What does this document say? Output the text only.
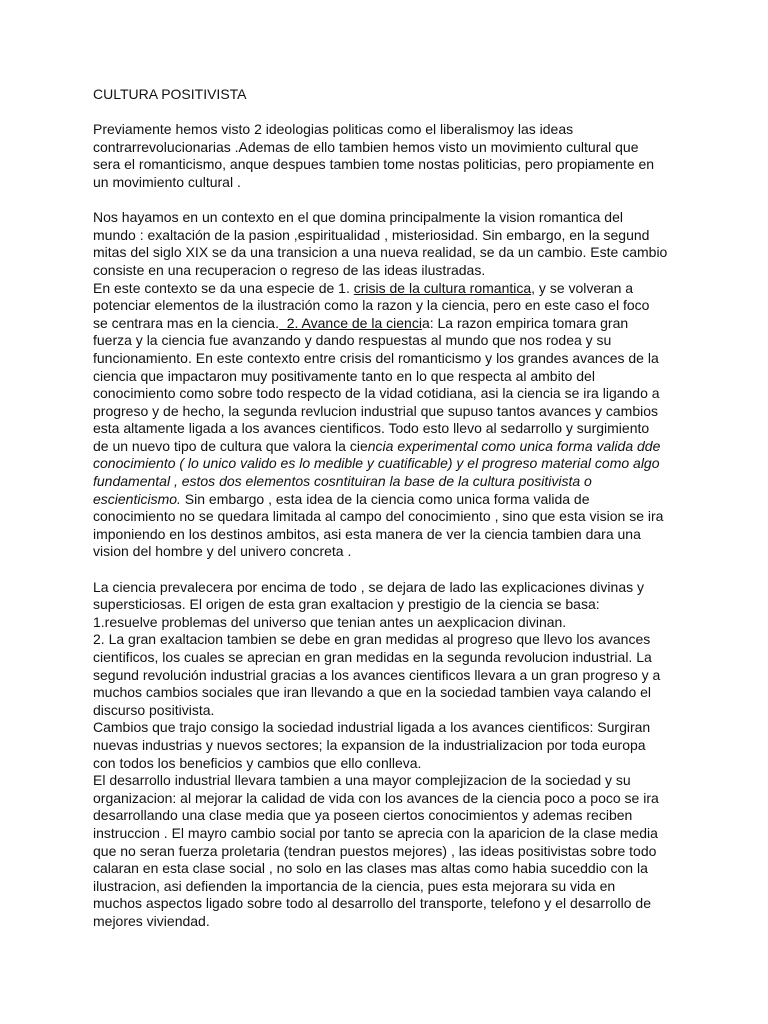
CULTURA POSITIVISTA
Previamente hemos visto 2 ideologias politicas como el liberalismoy las ideas
contrarrevolucionarias .Ademas de ello tambien hemos visto un movimiento cultural que
sera el romanticismo, anque despues tambien tome nostas politicias, pero propiamente en
un movimiento cultural .
Nos hayamos en un contexto en el que domina principalmente la vision romantica del
mundo : exaltación de la pasion ,espiritualidad , misteriosidad. Sin embargo, en la segund
mitas del siglo XIX se da una transicion a una nueva realidad, se da un cambio. Este cambio
consiste en una recuperacion o regreso de las ideas ilustradas.
En este contexto se da una especie de 1. crisis de la cultura romantica, y se volveran a
potenciar elementos de la ilustración como la razon y la ciencia, pero en este caso el foco
se centrara mas en la ciencia.  2. Avance de la ciencia: La razon empirica tomara gran
fuerza y la ciencia fue avanzando y dando respuestas al mundo que nos rodea y su
funcionamiento. En este contexto entre crisis del romanticismo y los grandes avances de la
ciencia que impactaron muy positivamente tanto en lo que respecta al ambito del
conocimiento como sobre todo respecto de la vidad cotidiana, asi la ciencia se ira ligando a
progreso y de hecho, la segunda revlucion industrial que supuso tantos avances y cambios
esta altamente ligada a los avances cientificos. Todo esto llevo al sedarrollo y surgimiento
de un nuevo tipo de cultura que valora la ciencia experimental como unica forma valida dde
conocimiento ( lo unico valido es lo medible y cuatificable) y el progreso material como algo
fundamental , estos dos elementos cosntituiran la base de la cultura positivista o
escienticismo. Sin embargo , esta idea de la ciencia como unica forma valida de
conocimiento no se quedara limitada al campo del conocimiento , sino que esta vision se ira
imponiendo en los destinos ambitos, asi esta manera de ver la ciencia tambien dara una
vision del hombre y del univero concreta .
La ciencia prevalecera por encima de todo , se dejara de lado las explicaciones divinas y
supersticiosas. El origen de esta gran exaltacion y prestigio de la ciencia se basa:
1.resuelve problemas del universo que tenian antes un aexplicacion divinan.
2. La gran exaltacion tambien se debe en gran medidas al progreso que llevo los avances
cientificos, los cuales se aprecian en gran medidas en la segunda revolucion industrial. La
segund revolución industrial gracias a los avances cientificos llevara a un gran progreso y a
muchos cambios sociales que iran llevando a que en la sociedad tambien vaya calando el
discurso positivista.
Cambios que trajo consigo la sociedad industrial ligada a los avances cientificos: Surgiran
nuevas industrias y nuevos sectores; la expansion de la industrializacion por toda europa
con todos los beneficios y cambios que ello conlleva.
El desarrollo industrial llevara tambien a una mayor complejizacion de la sociedad y su
organizacion: al mejorar la calidad de vida con los avances de la ciencia poco a poco se ira
desarrollando una clase media que ya poseen ciertos conocimientos y ademas reciben
instruccion . El mayro cambio social por tanto se aprecia con la aparicion de la clase media
que no seran fuerza proletaria (tendran puestos mejores) , las ideas positivistas sobre todo
calaran en esta clase social , no solo en las clases mas altas como habia suceddio con la
ilustracion, asi defienden la importancia de la ciencia, pues esta mejorara su vida en
muchos aspectos ligado sobre todo al desarrollo del transporte, telefono y el desarrollo de
mejores viviendad.
